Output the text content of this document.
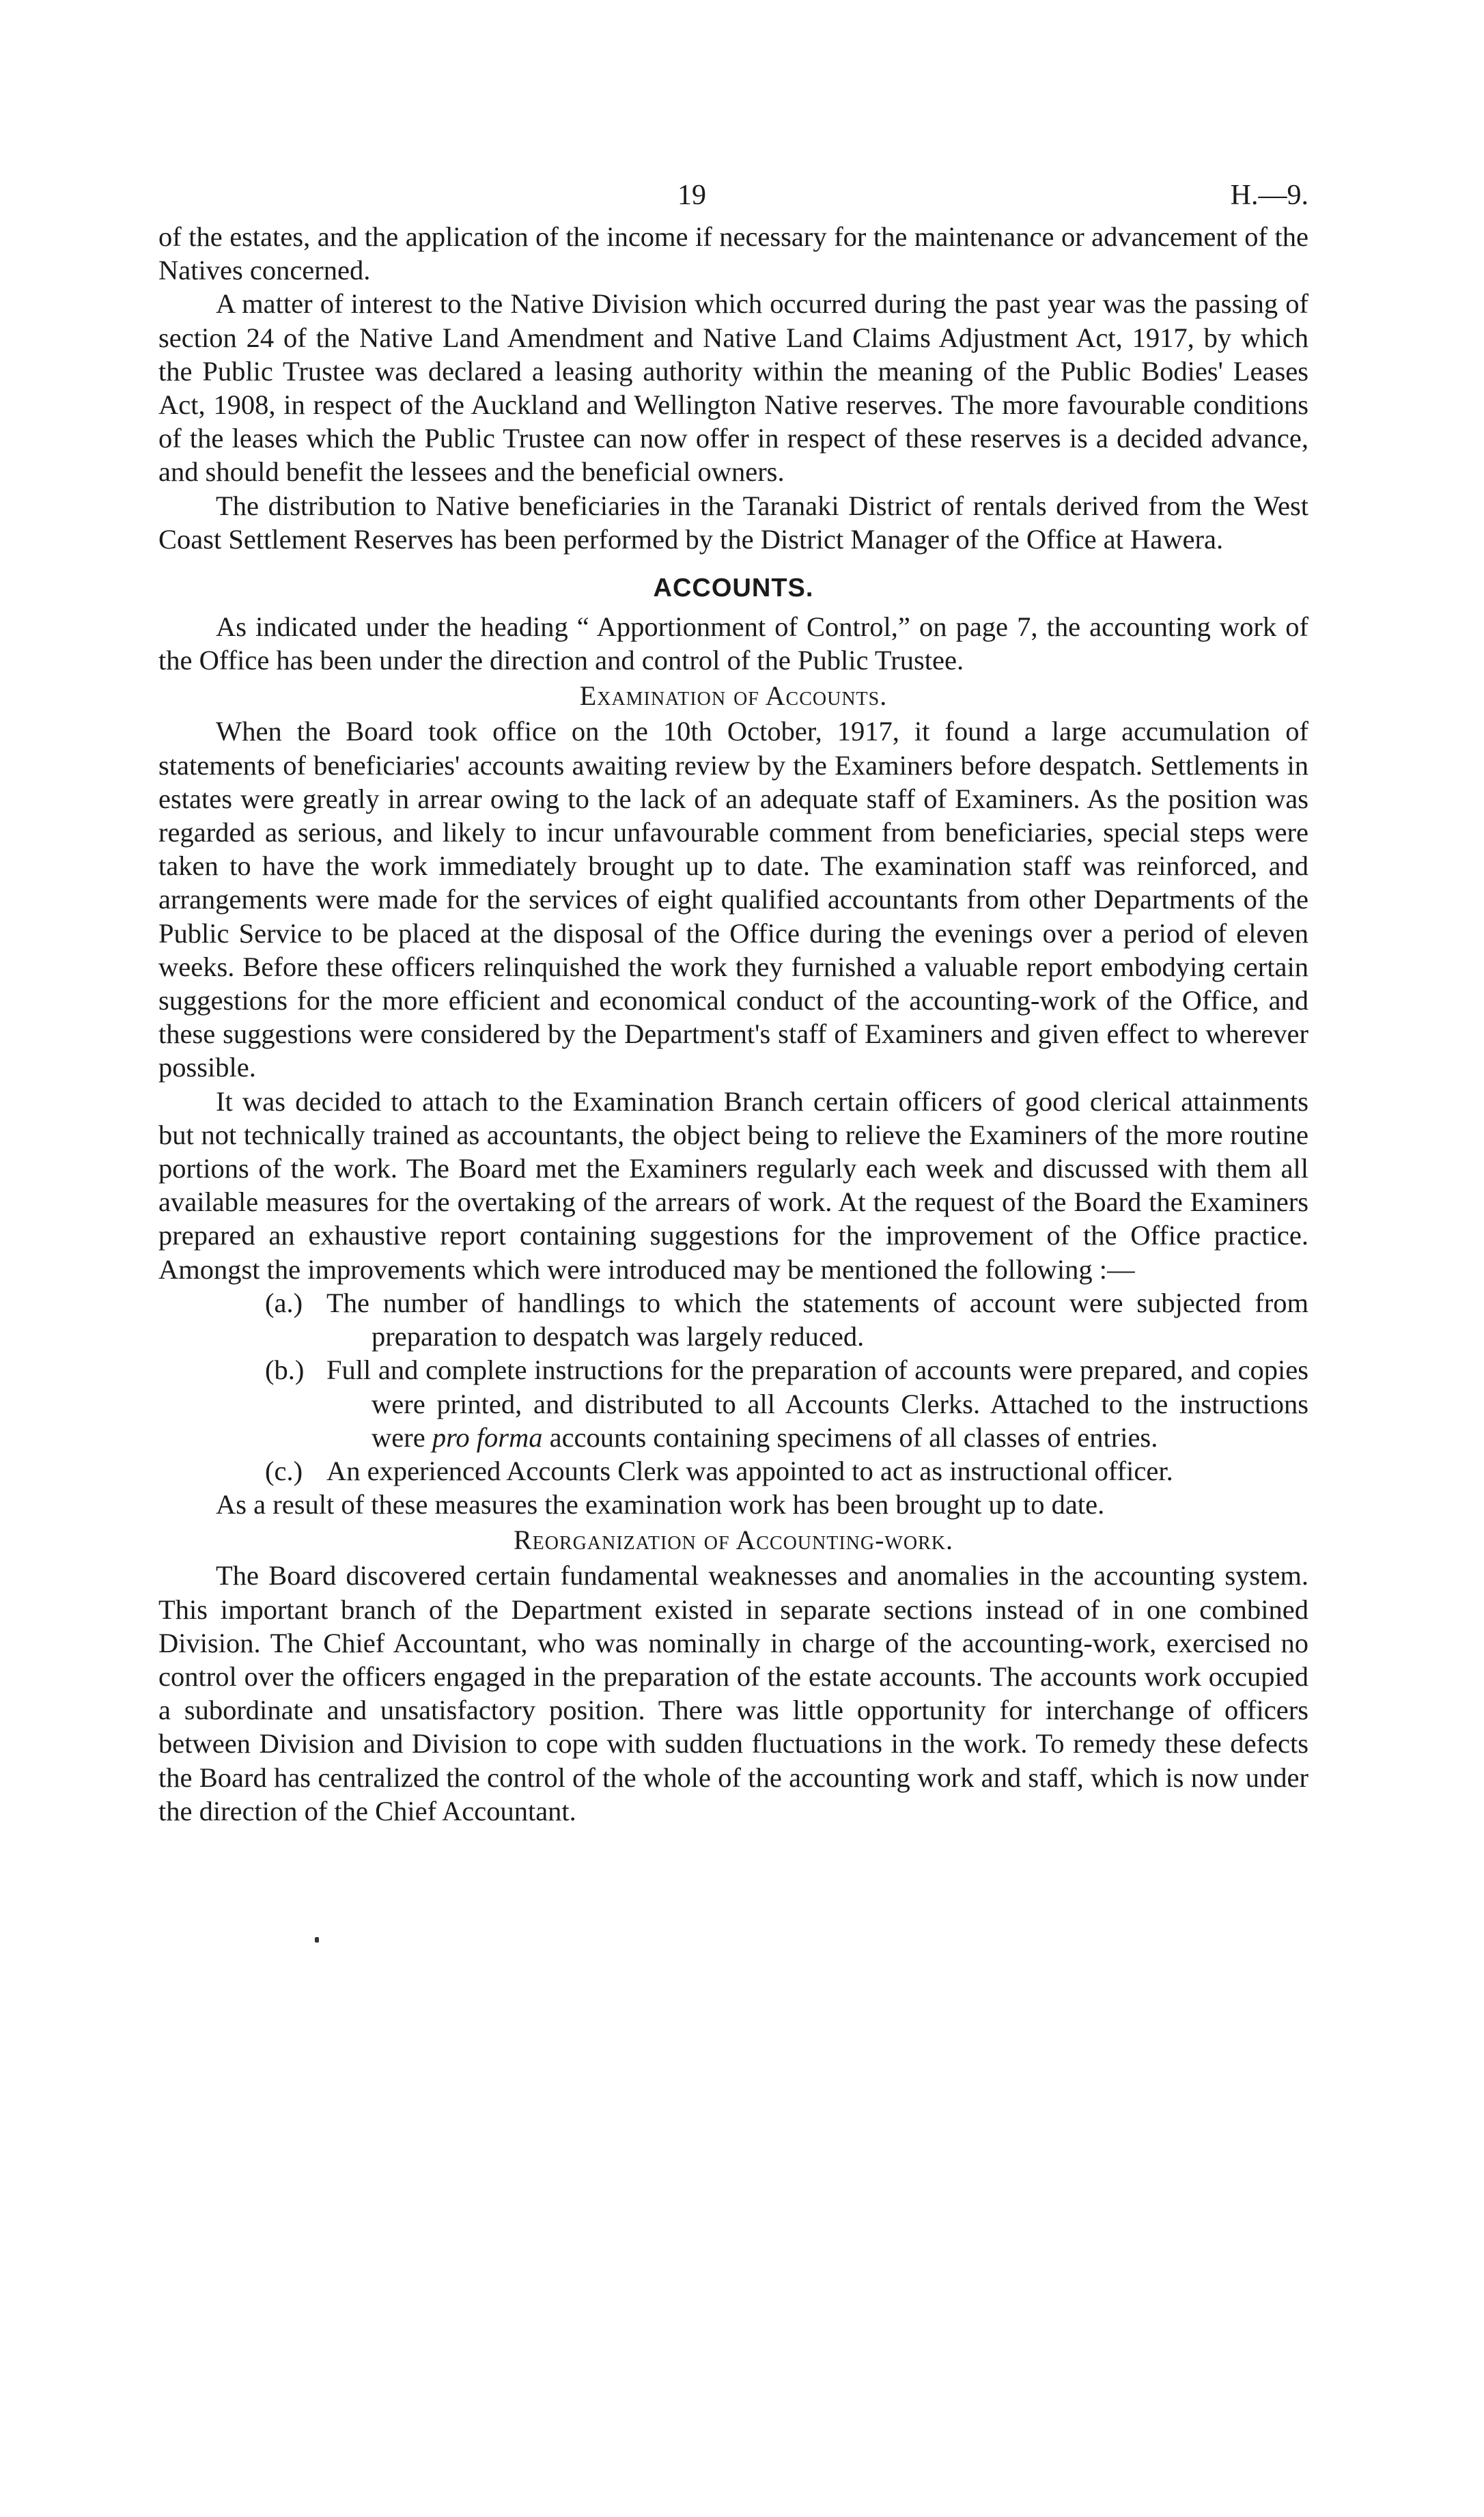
19	H.—9.

of the estates, and the application of the income if necessary for the maintenance or advancement of the Natives concerned.

A matter of interest to the Native Division which occurred during the past year was the passing of section 24 of the Native Land Amendment and Native Land Claims Adjustment Act, 1917, by which the Public Trustee was declared a leasing authority within the meaning of the Public Bodies' Leases Act, 1908, in respect of the Auckland and Wellington Native reserves. The more favourable conditions of the leases which the Public Trustee can now offer in respect of these reserves is a decided advance, and should benefit the lessees and the beneficial owners.

The distribution to Native beneficiaries in the Taranaki District of rentals derived from the West Coast Settlement Reserves has been performed by the District Manager of the Office at Hawera.

ACCOUNTS.

As indicated under the heading “ Apportionment of Control,” on page 7, the accounting work of the Office has been under the direction and control of the Public Trustee.

Examination of Accounts.

When the Board took office on the 10th October, 1917, it found a large accumulation of statements of beneficiaries' accounts awaiting review by the Examiners before despatch. Settlements in estates were greatly in arrear owing to the lack of an adequate staff of Examiners. As the position was regarded as serious, and likely to incur unfavourable comment from beneficiaries, special steps were taken to have the work immediately brought up to date. The examination staff was reinforced, and arrangements were made for the services of eight qualified accountants from other Departments of the Public Service to be placed at the disposal of the Office during the evenings over a period of eleven weeks. Before these officers relinquished the work they furnished a valuable report embodying certain suggestions for the more efficient and economical conduct of the accounting-work of the Office, and these suggestions were considered by the Department's staff of Examiners and given effect to wherever possible.

It was decided to attach to the Examination Branch certain officers of good clerical attainments but not technically trained as accountants, the object being to relieve the Examiners of the more routine portions of the work. The Board met the Examiners regularly each week and discussed with them all available measures for the overtaking of the arrears of work. At the request of the Board the Examiners prepared an exhaustive report containing suggestions for the improvement of the Office practice. Amongst the improvements which were introduced may be mentioned the following :—

(a.) The number of handlings to which the statements of account were subjected from preparation to despatch was largely reduced.

(b.) Full and complete instructions for the preparation of accounts were prepared, and copies were printed, and distributed to all Accounts Clerks. Attached to the instructions were pro forma accounts containing specimens of all classes of entries.

(c.) An experienced Accounts Clerk was appointed to act as instructional officer.

As a result of these measures the examination work has been brought up to date.

Reorganization of Accounting-work.

The Board discovered certain fundamental weaknesses and anomalies in the accounting system. This important branch of the Department existed in separate sections instead of in one combined Division. The Chief Accountant, who was nominally in charge of the accounting-work, exercised no control over the officers engaged in the preparation of the estate accounts. The accounts work occupied a subordinate and unsatisfactory position. There was little opportunity for interchange of officers between Division and Division to cope with sudden fluctuations in the work. To remedy these defects the Board has centralized the control of the whole of the accounting work and staff, which is now under the direction of the Chief Accountant.
